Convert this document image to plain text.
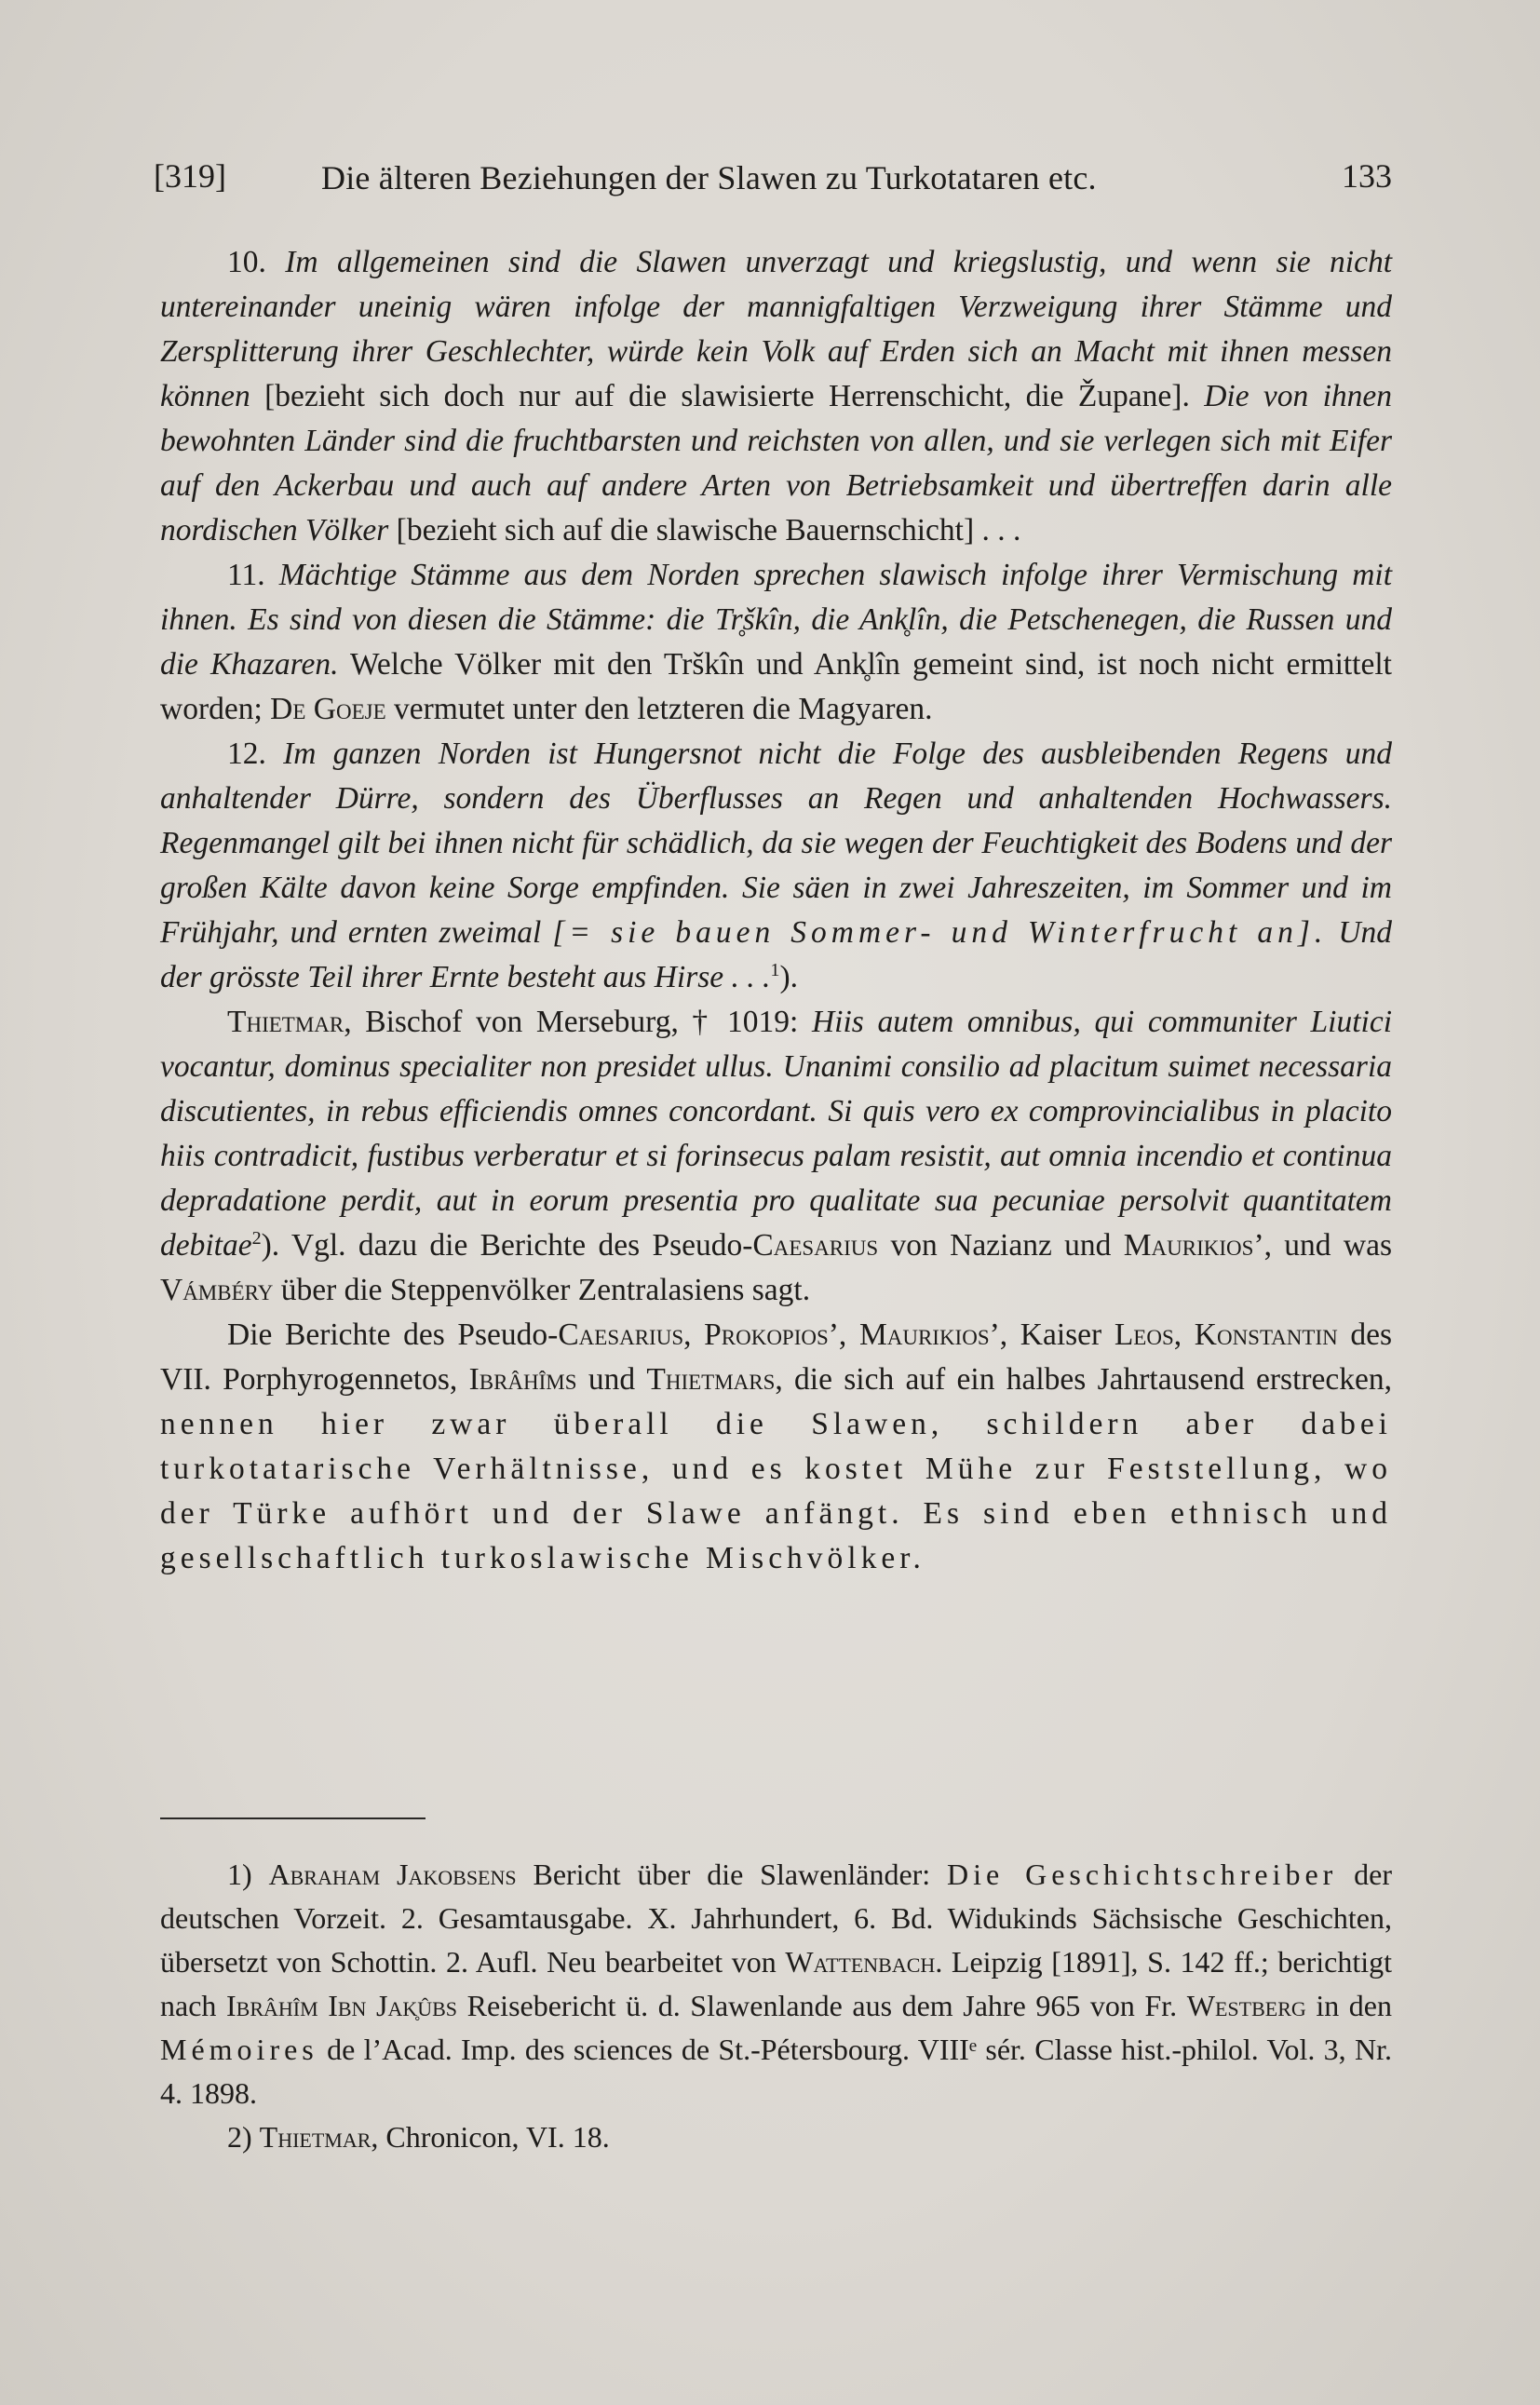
[319]	Die älteren Beziehungen der Slawen zu Turkotataren etc.	133

10. Im allgemeinen sind die Slawen unverzagt und kriegslustig, und wenn sie nicht untereinander uneinig wären infolge der mannigfaltigen Verzweigung ihrer Stämme und Zersplitterung ihrer Geschlechter, würde kein Volk auf Erden sich an Macht mit ihnen messen können [bezieht sich doch nur auf die slawisierte Herrenschicht, die Župane]. Die von ihnen bewohnten Länder sind die fruchtbarsten und reichsten von allen, und sie verlegen sich mit Eifer auf den Ackerbau und auch auf andere Arten von Betriebsamkeit und übertreffen darin alle nordischen Völker [bezieht sich auf die slawische Bauernschicht] . . .

11. Mächtige Stämme aus dem Norden sprechen slawisch infolge ihrer Vermischung mit ihnen. Es sind von diesen die Stämme: die Tr̥škîn, die Ank̥lîn, die Petschenegen, die Russen und die Khazaren. Welche Völker mit den Trškîn und Ank̥lîn gemeint sind, ist noch nicht ermittelt worden; De Goeje vermutet unter den letzteren die Magyaren.

12. Im ganzen Norden ist Hungersnot nicht die Folge des ausbleibenden Regens und anhaltender Dürre, sondern des Überflusses an Regen und anhaltenden Hochwassers. Regenmangel gilt bei ihnen nicht für schädlich, da sie wegen der Feuchtigkeit des Bodens und der großen Kälte davon keine Sorge empfinden. Sie säen in zwei Jahreszeiten, im Sommer und im Frühjahr, und ernten zweimal [= sie bauen Sommer- und Winterfrucht an]. Und der grösste Teil ihrer Ernte besteht aus Hirse . . .$^1$).

Thietmar, Bischof von Merseburg, † 1019: Hiis autem omnibus, qui communiter Liutici vocantur, dominus specialiter non presidet ullus. Unanimi consilio ad placitum suimet necessaria discutientes, in rebus efficiendis omnes concordant. Si quis vero ex comprovincialibus in placito hiis contradicit, fustibus verberatur et si forinsecus palam resistit, aut omnia incendio et continua depradatione perdit, aut in eorum presentia pro qualitate sua pecuniae persolvit quantitatem debitae$^2$). Vgl. dazu die Berichte des Pseudo-Caesarius von Nazianz und Maurikios’, und was Vámbéry über die Steppenvölker Zentralasiens sagt.

Die Berichte des Pseudo-Caesarius, Prokopios’, Maurikios’, Kaiser Leos, Konstantin des VII. Porphyrogennetos, Ibrâhîms und Thietmars, die sich auf ein halbes Jahrtausend erstrecken, nennen hier zwar überall die Slawen, schildern aber dabei turkotatarische Verhältnisse, und es kostet Mühe zur Feststellung, wo der Türke aufhört und der Slawe anfängt. Es sind eben ethnisch und gesellschaftlich turkoslawische Mischvölker.

1) Abraham Jakobsens Bericht über die Slawenländer: Die Geschichtschreiber der deutschen Vorzeit. 2. Gesamtausgabe. X. Jahrhundert, 6. Bd. Widukinds Sächsische Geschichten, übersetzt von Schottin. 2. Aufl. Neu bearbeitet von Wattenbach. Leipzig [1891], S. 142 ff.; berichtigt nach Ibrâhîm Ibn Jak̥ûbs Reisebericht ü. d. Slawenlande aus dem Jahre 965 von Fr. Westberg in den Mémoires de l’Acad. Imp. des sciences de St.-Pétersbourg. VIIIᵉ sér. Classe hist.-philol. Vol. 3, Nr. 4. 1898.

2) Thietmar, Chronicon, VI. 18.
